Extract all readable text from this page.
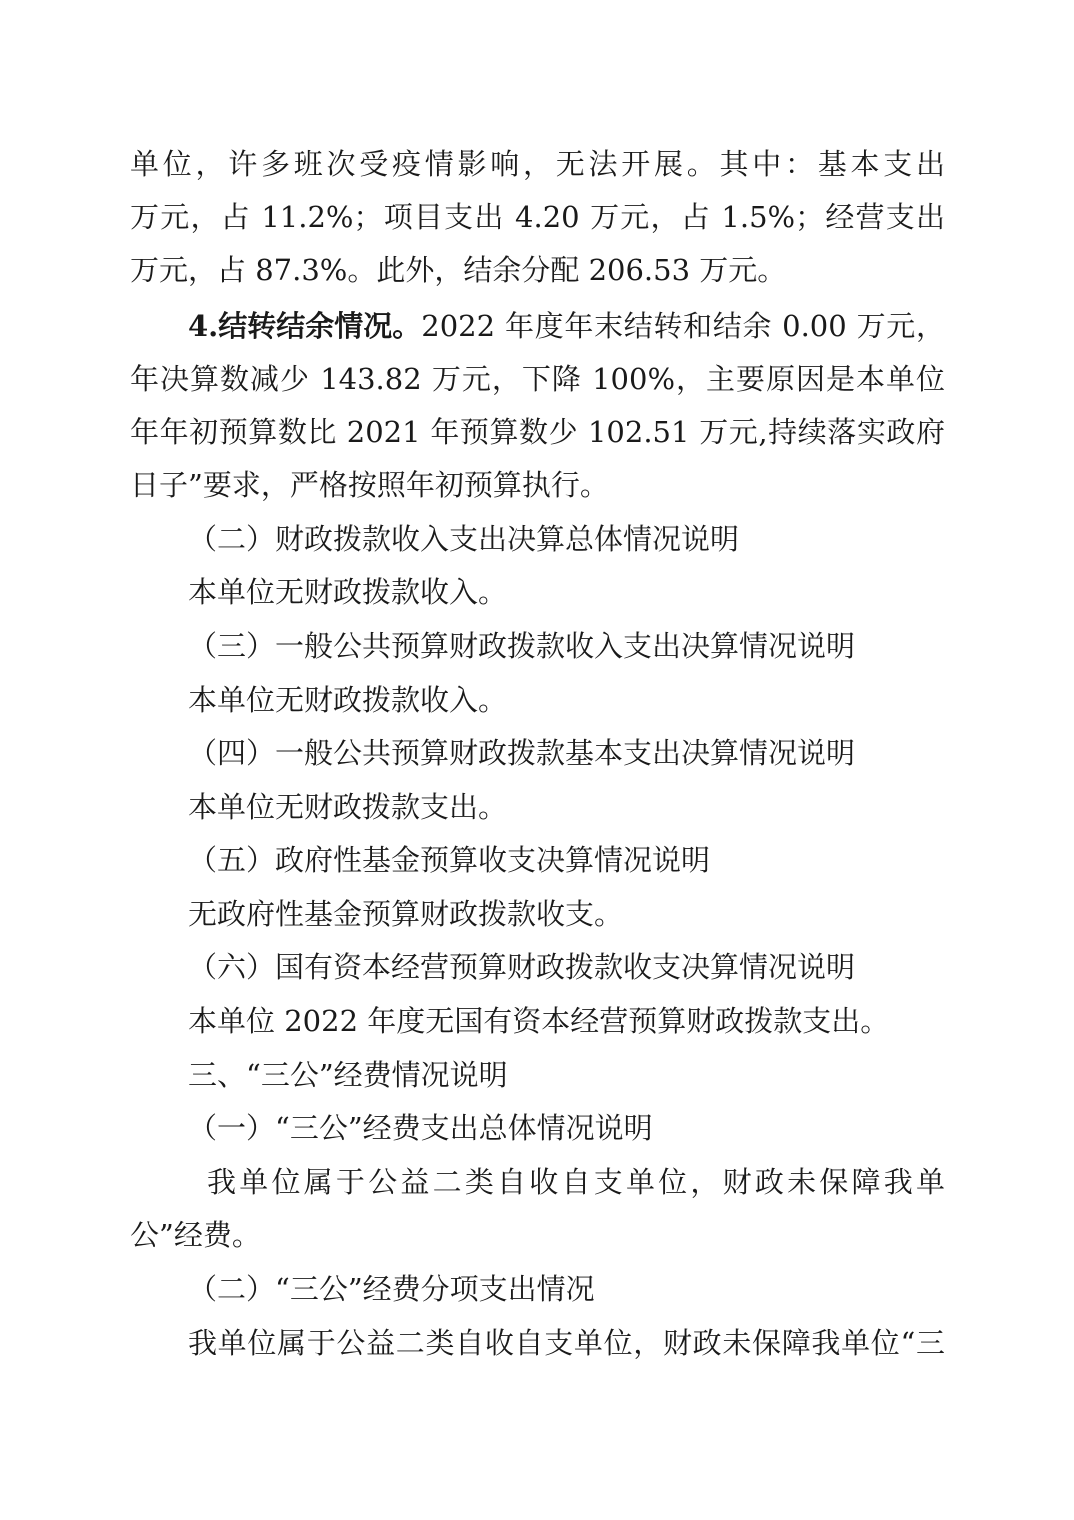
单位，许多班次受疫情影响，无法开展。其中：基本支出
万元，占 11.2%；项目支出 4.20 万元，占 1.5%；经营支出
万元，占 87.3%。此外，结余分配 206.53 万元。
4.结转结余情况。 2022 年度年末结转和结余 0.00 万元，
年决算数减少 143.82 万元，下降 100%，主要原因是本单位
年年初预算数比 2021 年预算数少 102.51 万元,持续落实政府
日子”要求，严格按照年初预算执行。
（二）财政拨款收入支出决算总体情况说明
本单位无财政拨款收入。
（三）一般公共预算财政拨款收入支出决算情况说明
本单位无财政拨款收入。
（四）一般公共预算财政拨款基本支出决算情况说明
本单位无财政拨款支出。
（五）政府性基金预算收支决算情况说明
无政府性基金预算财政拨款收支。
（六）国有资本经营预算财政拨款收支决算情况说明
本单位 2022 年度无国有资本经营预算财政拨款支出。
三、“三公”经费情况说明
（一）“三公”经费支出总体情况说明
我单位属于公益二类自收自支单位，财政未保障我单
公”经费。
（二）“三公”经费分项支出情况
我单位属于公益二类自收自支单位，财政未保障我单位“三
